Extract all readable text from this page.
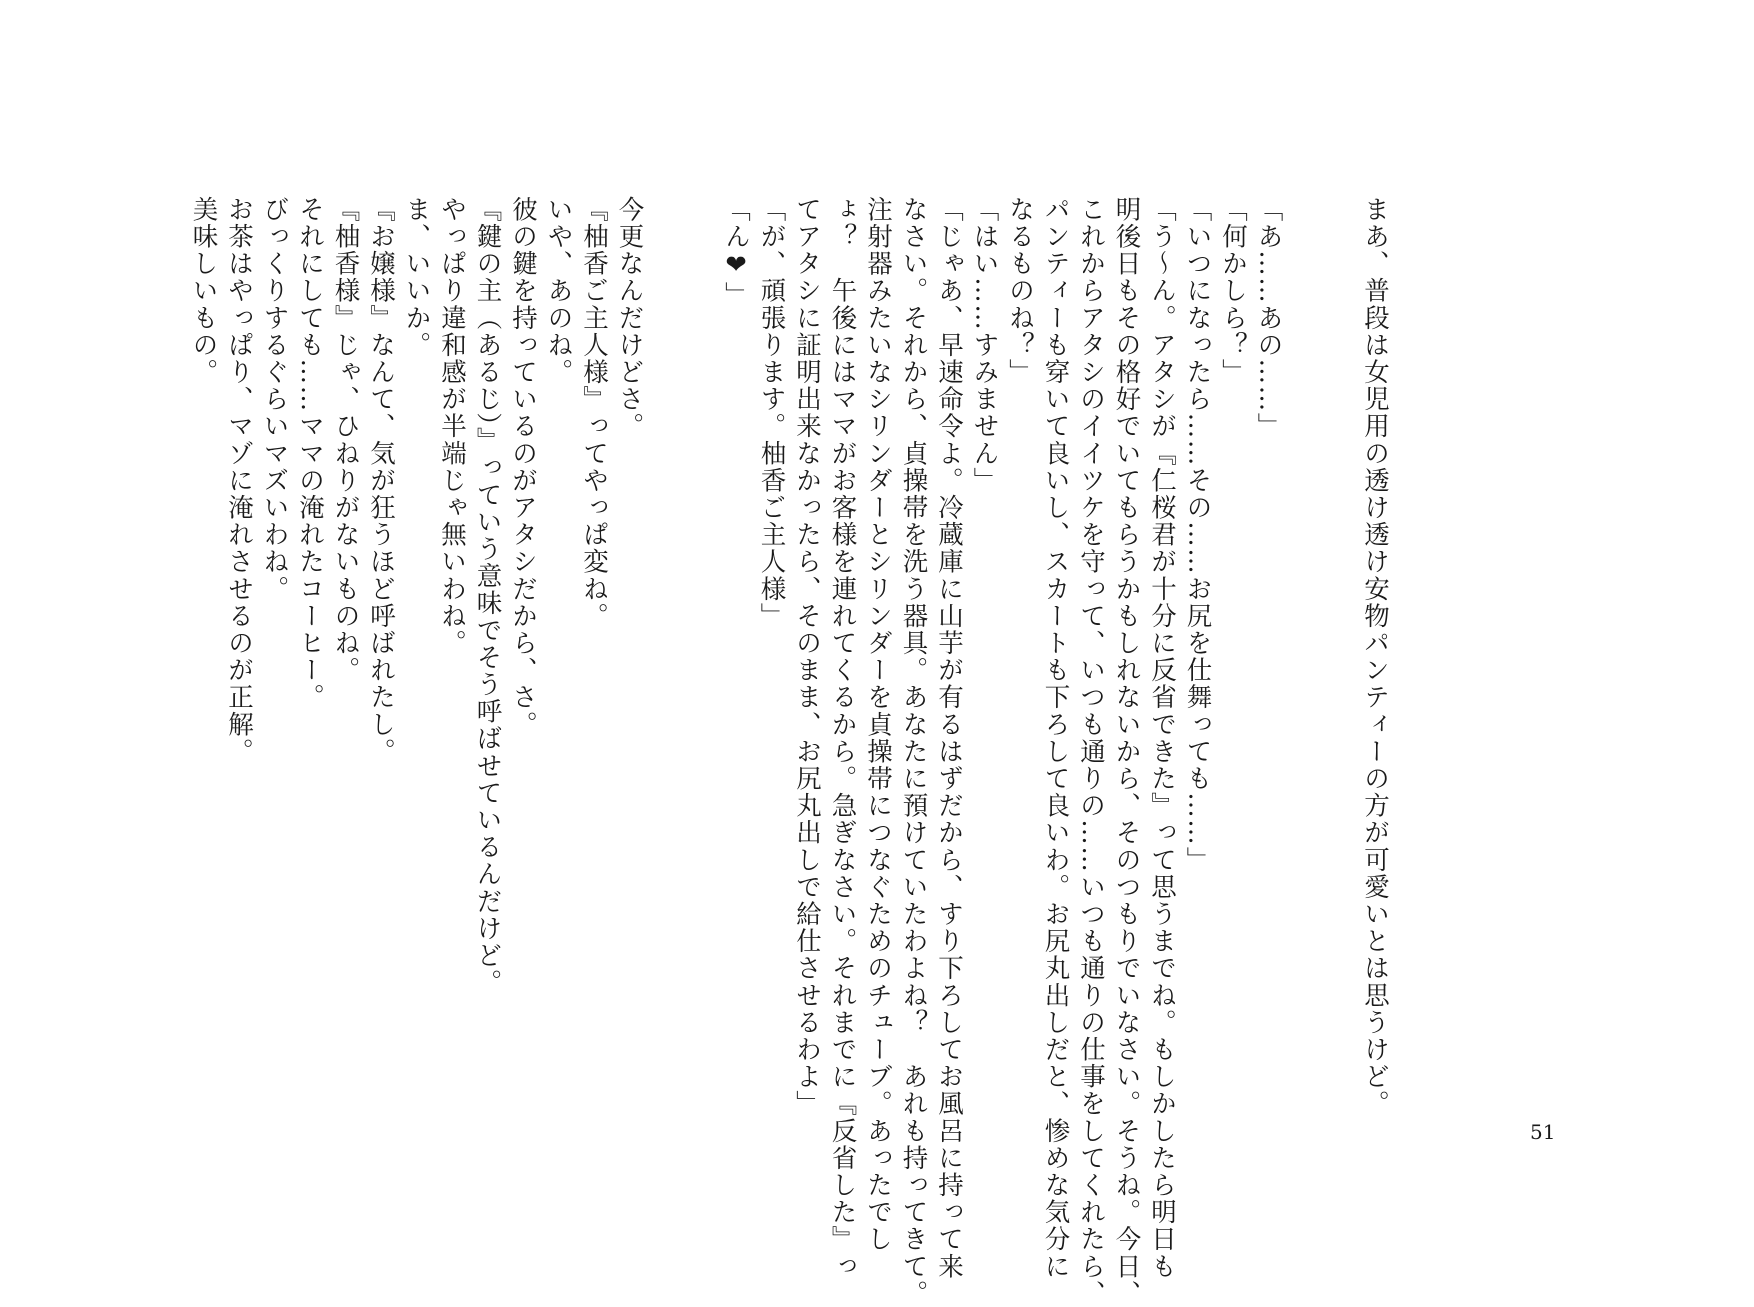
まあ、普段は女児用の透け透け安物パンティーの方が可愛いとは思うけど。
「あ……あの……」
「何かしら？」
「いつになったら……その……お尻を仕舞っても……」
「う〜ん。アタシが『仁桜君が十分に反省できた』って思うまでね。もしかしたら明日も
明後日もその格好でいてもらうかもしれないから、そのつもりでいなさい。そうね。今日、
これからアタシのイイツケを守って、いつも通りの……いつも通りの仕事をしてくれたら、
パンティーも穿いて良いし、スカートも下ろして良いわ。お尻丸出しだと、惨めな気分に
なるものね？」
「はい……すみません」
「じゃあ、早速命令よ。冷蔵庫に山芋が有るはずだから、すり下ろしてお風呂に持って来
なさい。それから、貞操帯を洗う器具。あなたに預けていたわよね？　あれも持ってきて。
注射器みたいなシリンダーとシリンダーを貞操帯につなぐためのチューブ。あったでし
ょ？　午後にはママがお客様を連れてくるから。急ぎなさい。それまでに『反省した』っ
てアタシに証明出来なかったら、そのまま、お尻丸出しで給仕させるわよ」
「が、頑張ります。柚香ご主人様」
「ん❤」
今更なんだけどさ。
『柚香ご主人様』ってやっぱ変ね。
いや、あのね。
彼の鍵を持っているのがアタシだから、さ。
『鍵の主（あるじ）』っていう意味でそう呼ばせているんだけど。
やっぱり違和感が半端じゃ無いわね。
ま、いいか。
『お嬢様』なんて、気が狂うほど呼ばれたし。
『柚香様』じゃ、ひねりがないものね。
それにしても……ママの淹れたコーヒー。
びっくりするぐらいマズいわね。
お茶はやっぱり、マゾに淹れさせるのが正解。
美味しいもの。
51
